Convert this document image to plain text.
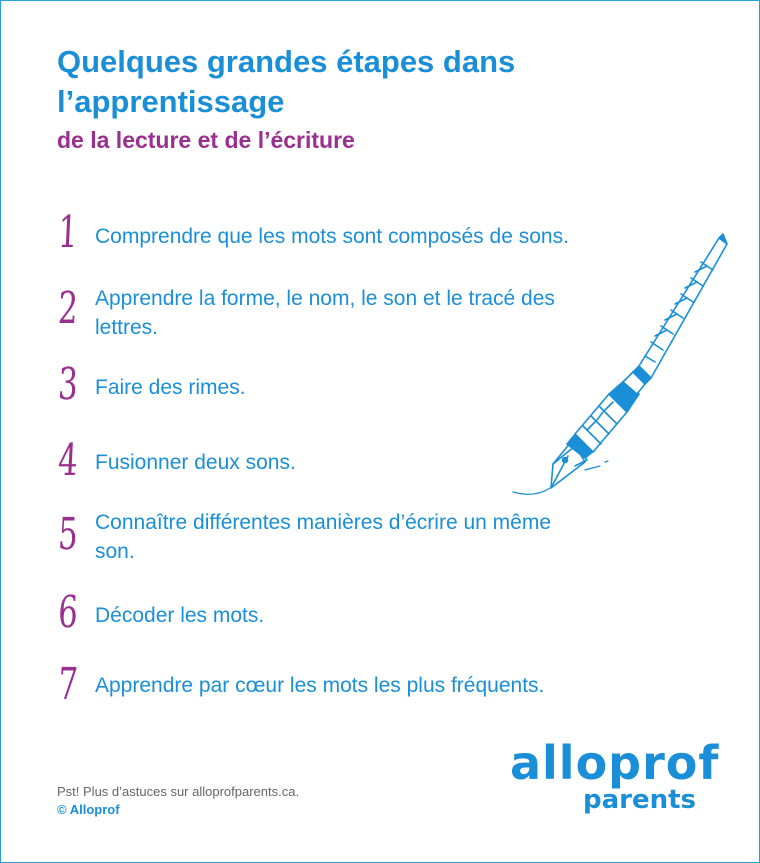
Quelques grandes étapes dans l’apprentissage
de la lecture et de l’écriture
1 Comprendre que les mots sont composés de sons.
2 Apprendre la forme, le nom, le son et le tracé des lettres.
3 Faire des rimes.
4 Fusionner deux sons.
5 Connaître différentes manières d’écrire un même son.
6 Décoder les mots.
7 Apprendre par cœur les mots les plus fréquents.
Pst! Plus d’astuces sur alloprofparents.ca.
© Alloprof
alloprof
parents
